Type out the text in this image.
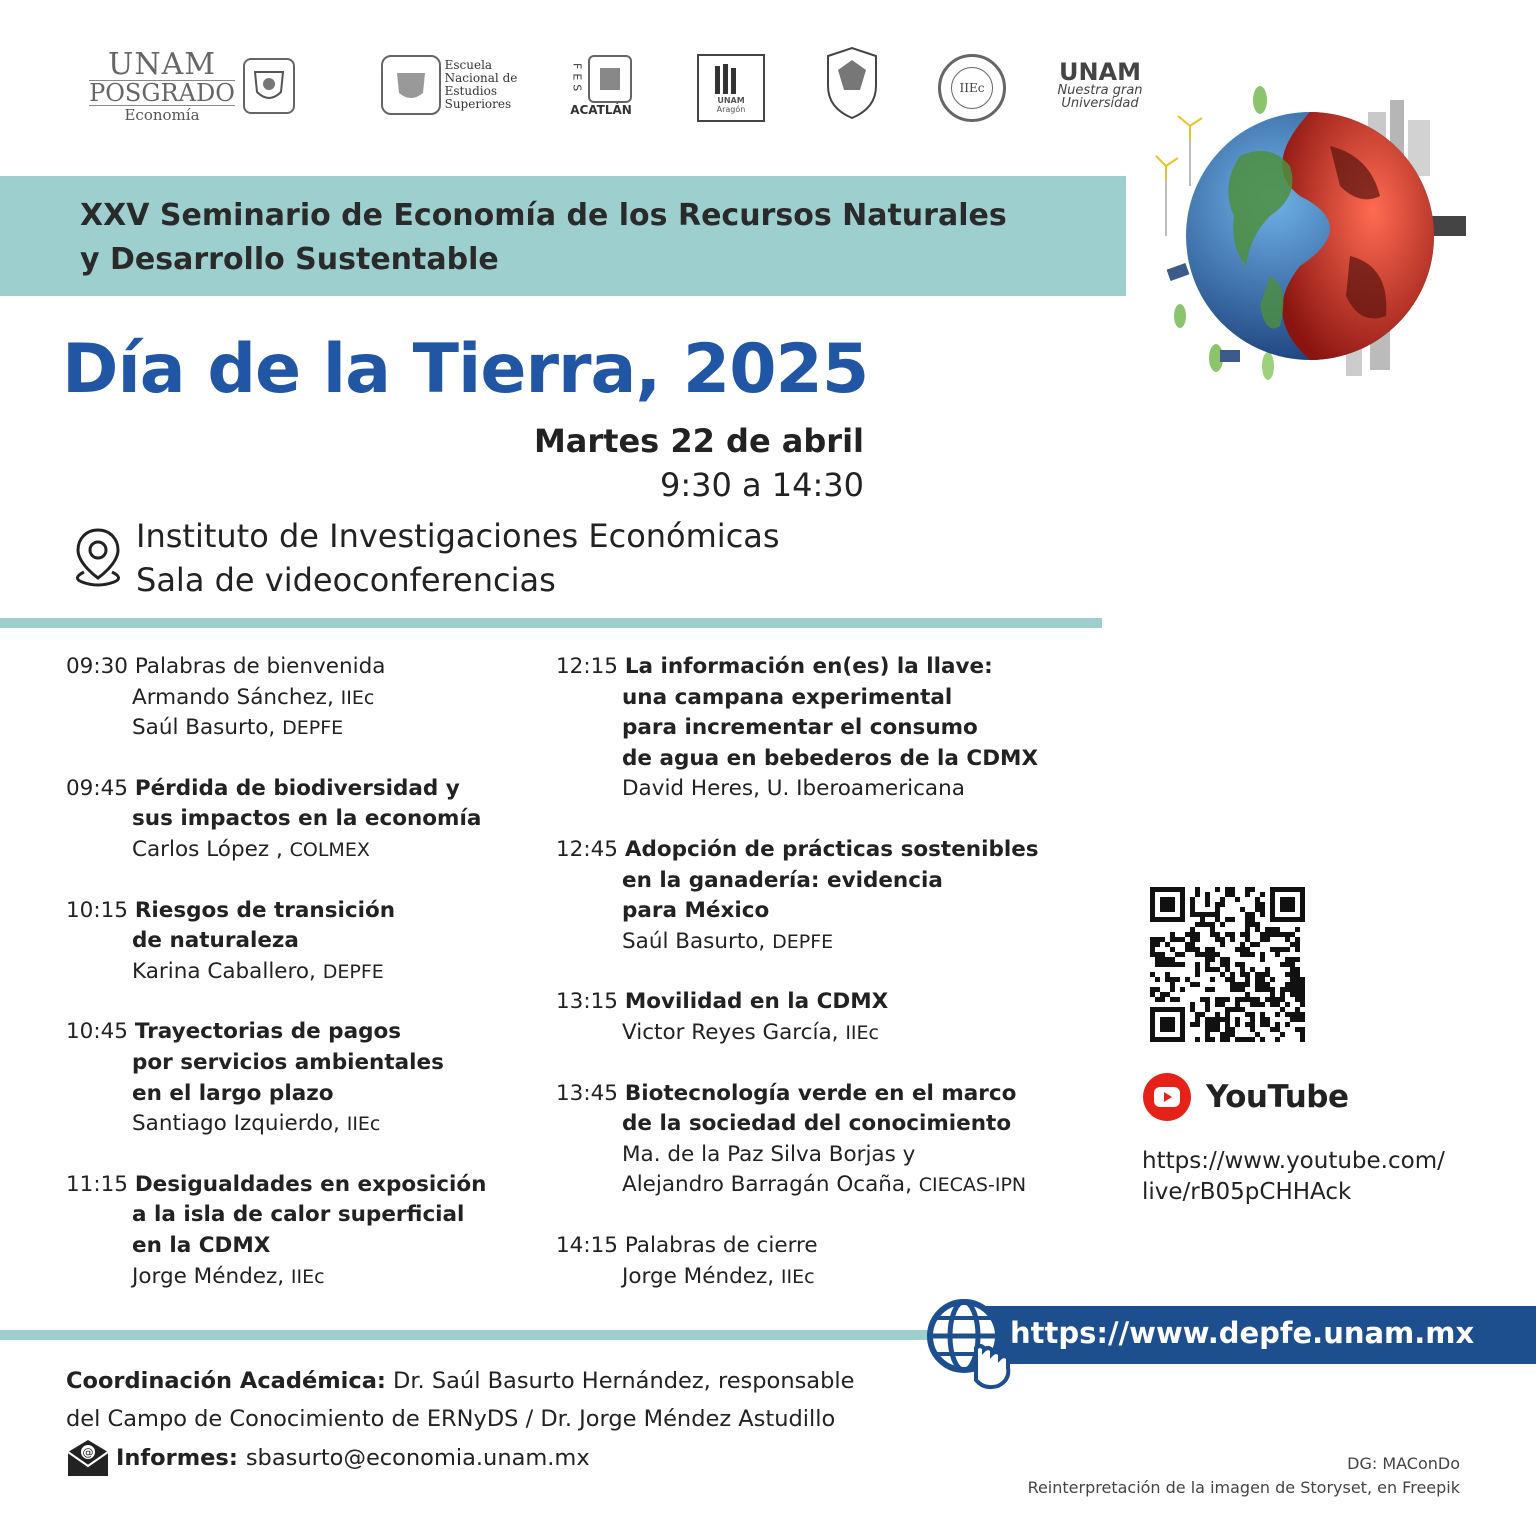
UNAM
POSGRADO
Economía
Escuela
Nacional de
Estudios
Superiores
FES
ACATLÁN
UNAM
Aragón
IIEc
UNAM
Nuestra gran
Universidad
XXV Seminario de Economía de los Recursos Naturales
y Desarrollo Sustentable
Día de la Tierra, 2025
Martes 22 de abril
9:30 a 14:30
Instituto de Investigaciones Económicas
Sala de videoconferencias
09:30 Palabras de bienvenida
Armando Sánchez, IIEc
Saúl Basurto, DEPFE
09:45 Pérdida de biodiversidad y
sus impactos en la economía
Carlos López , COLMEX
10:15 Riesgos de transición
de naturaleza
Karina Caballero, DEPFE
10:45 Trayectorias de pagos
por servicios ambientales
en el largo plazo
Santiago Izquierdo, IIEc
11:15 Desigualdades en exposición
a la isla de calor superficial
en la CDMX
Jorge Méndez, IIEc
12:15 La información en(es) la llave:
una campana experimental
para incrementar el consumo
de agua en bebederos de la CDMX
David Heres, U. Iberoamericana
12:45 Adopción de prácticas sostenibles
en la ganadería: evidencia
para México
Saúl Basurto, DEPFE
13:15 Movilidad en la CDMX
Victor Reyes García, IIEc
13:45 Biotecnología verde en el marco
de la sociedad del conocimiento
Ma. de la Paz Silva Borjas y
Alejandro Barragán Ocaña, CIECAS-IPN
14:15 Palabras de cierre
Jorge Méndez, IIEc
YouTube
https://www.youtube.com/
live/rB05pCHHAck
https://www.depfe.unam.mx
Coordinación Académica: Dr. Saúl Basurto Hernández, responsable
del Campo de Conocimiento de ERNyDS / Dr. Jorge Méndez Astudillo
@ Informes: sbasurto@economia.unam.mx	DG: MAConDo
Reinterpretación de la imagen de Storyset, en Freepik
